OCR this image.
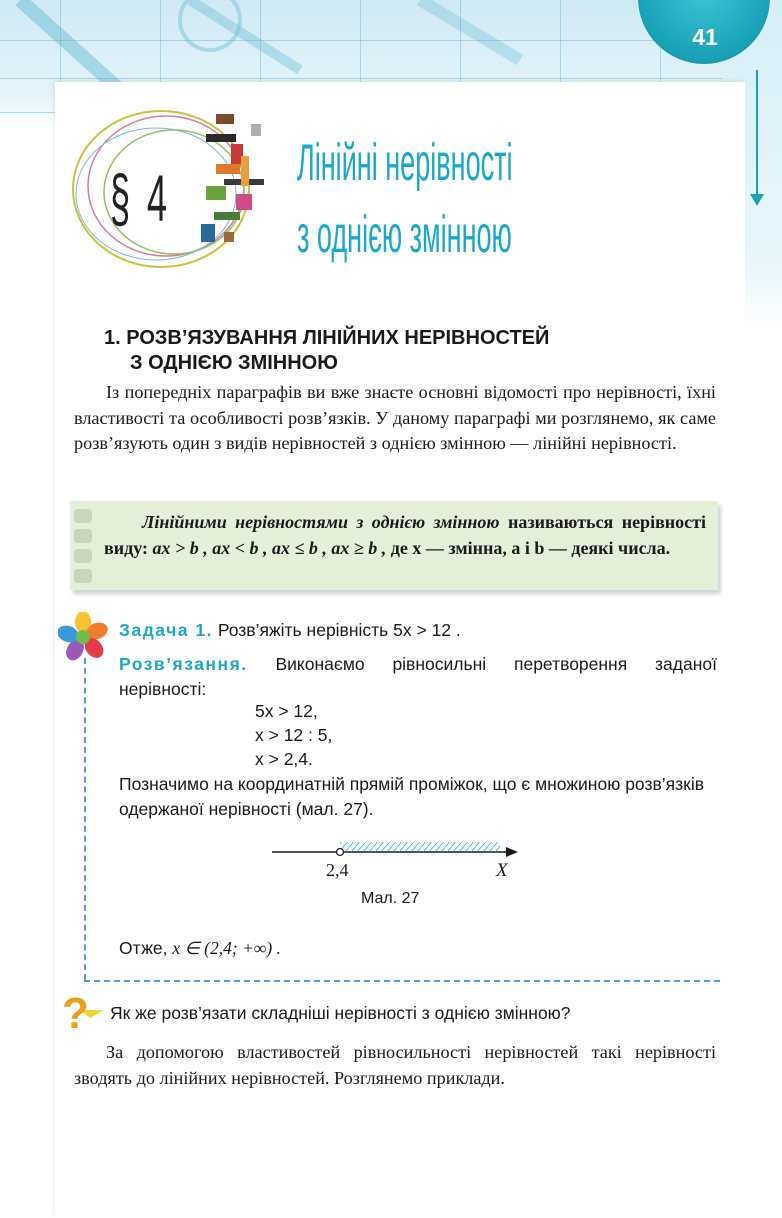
41
§ 4 Лінійні нерівності
з однією змінною
1. РОЗВ’ЯЗУВАННЯ ЛІНІЙНИХ НЕРІВНОСТЕЙ
З ОДНІЄЮ ЗМІННОЮ
Із попередніх параграфів ви вже знаєте основні відомості про нерівності, їхні властивості та особливості розв’язків. У даному параграфі ми розглянемо, як саме розв’язують один з видів нерівностей з однією змінною — лінійні нерівності.
Лінійними нерівностями з однією змінною називаються нерівності виду: ax > b , ax < b , ax ≤ b , ax ≥ b , де x — змінна, a і b — деякі числа.
Задача 1. Розв’яжіть нерівність 5x > 12 .
Розв’язання. Виконаємо рівносильні перетворення заданої нерівності:
5x > 12,
x > 12 : 5,
x > 2,4.
Позначимо на координатній прямій проміжок, що є множиною розв’язків одержаної нерівності (мал. 27).
2,4	X
Мал. 27
Отже, x ∈ (2,4; +∞) .
? Як же розв’язати складніші нерівності з однією змінною?
За допомогою властивостей рівносильності нерівностей такі нерівності зводять до лінійних нерівностей. Розглянемо приклади.
